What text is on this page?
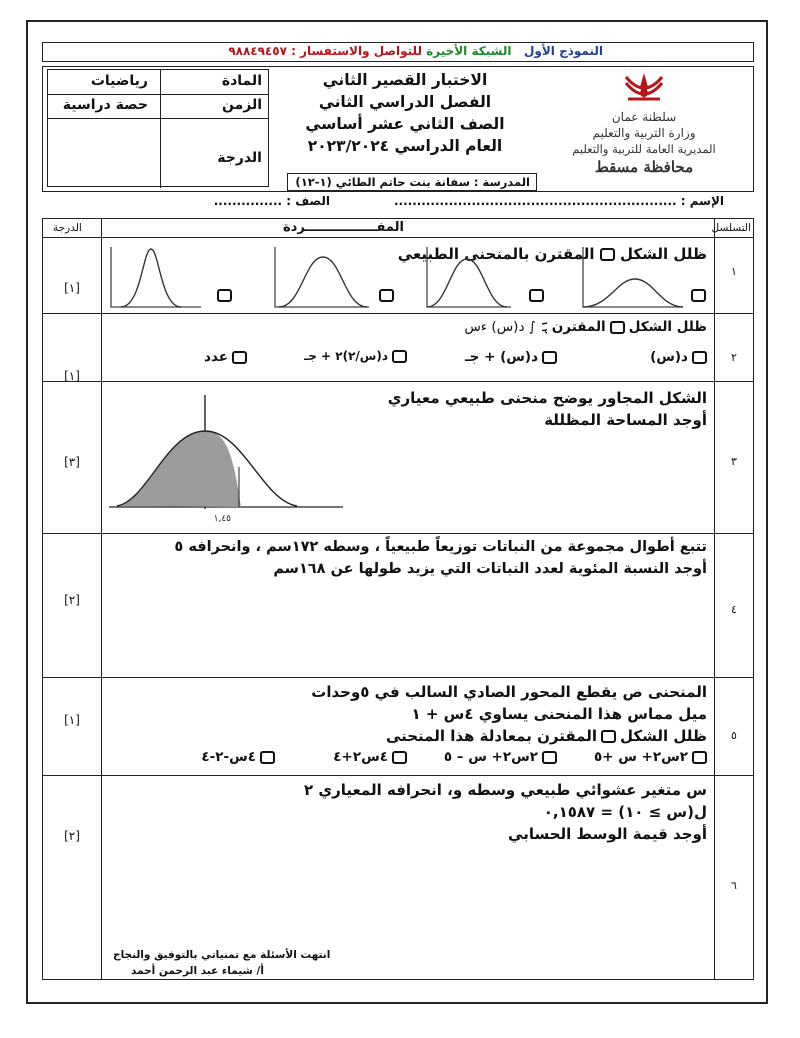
النموذج الأول   الشبكة الأخيرة للتواصل والاستفسار : ٩٨٨٤٩٤٥٧
المادة
رياضيات
الزمن
حصة دراسية
الدرجة
الاختبار القصير الثاني
الفصل الدراسي الثاني
الصف الثاني عشر أساسي
العام الدراسي ٢٠٢٣/٢٠٢٤
المدرسة : سفانة بنت حاتم الطائي (١-١٢)
سلطنة عمان
وزارة التربية والتعليم
المديرية العامة للتربية والتعليم
محافظة مسقط
الإسم : ..............................................................
الصف : ...............
التسلسل
المفــــــــــــــــردة
الدرجة
١
[١]
ظلل الشكل  المقترن بالمنحنى الطبيعي
٢
[١]
ظلل الشكل
المقترن
٢ ١
∫ د(س) ءس
د(س)
د(س) + جـ
د(س/٢)٢ + جـ
عدد
٣
[٣]
الشكل المجاور يوضح منحنى طبيعي معياري
أوجد المساحة المظللة
١,٤٥
٤
[٢]
تتبع أطوال مجموعة من النباتات توزيعاً طبيعياً ، وسطه ١٧٢سم ، وانحرافه ٥
أوجد النسبة المئوية لعدد النباتات التي يزيد طولها عن ١٦٨سم
٥
[١]
المنحنى ص يقطع المحور الصادي السالب في ٥وحدات
ميل مماس هذا المنحنى يساوي ٤س + ١
ظلل الشكل
المقترن بمعادلة هذا المنحنى
٢س٢+ س +٥
٢س٢+ س – ٥
٤س٢+٤
٤س-٢-٤
٦
[٢]
س متغير عشوائي طبيعي وسطه و، انحرافه المعياري ٢
ل(س ≥ ١٠) = ٠,١٥٨٧
أوجد قيمة الوسط الحسابي
انتهت الأسئلة مع تمنياتي بالتوفيق والنجاح
أ/ شيماء عبد الرحمن أحمد
